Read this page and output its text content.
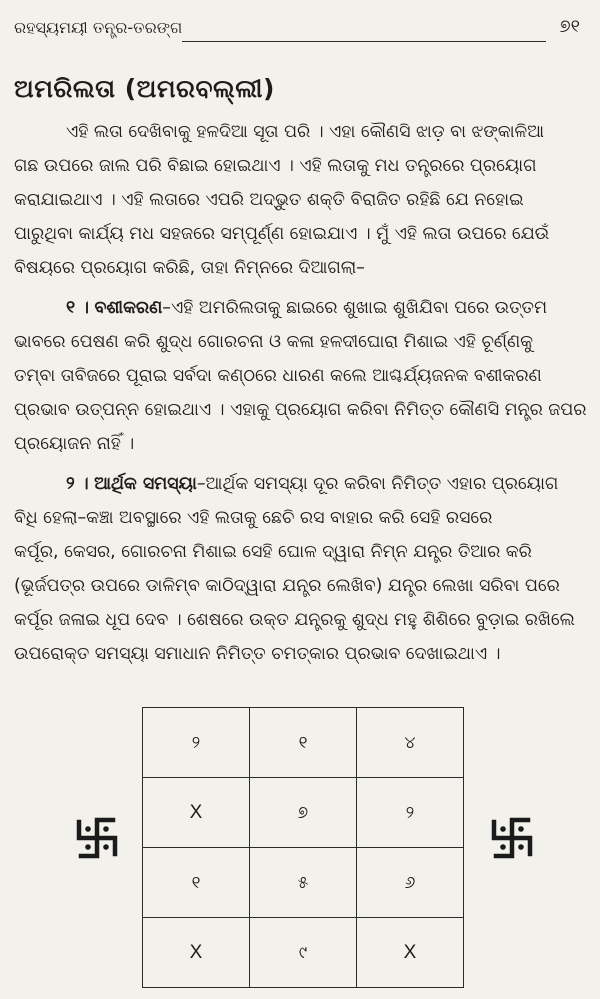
ରହସ୍ୟମୟୀ ତନ୍ତ୍ର-ତରଙ୍ଗ	୭୧
ଅମରିଲତା (ଅମରବଲ୍ଲୀ)
ଏହି ଲତା ଦେଖିବାକୁ ହଳଦିଆ ସୂତା ପରି । ଏହା କୌଣସି ଝାଡ଼ ବା ଝଙ୍କାଳିଆ
ଗଛ ଉପରେ ଜାଲ ପରି ବିଛାଇ ହୋଇଥାଏ । ଏହି ଲତାକୁ ମଧ ତନ୍ତ୍ରରେ ପ୍ରୟୋଗ
କରାଯାଇଥାଏ । ଏହି ଲତାରେ ଏପରି ଅଦ୍ଭୁତ ଶକ୍ତି ବିରାଜିତ ରହିଛି ଯେ ନହୋଇ
ପାରୁଥିବା କାର୍ଯ୍ୟ ମଧ ସହଜରେ ସମ୍ପୂର୍ଣ୍ଣ ହୋଇଯାଏ । ମୁଁ ଏହି ଲତା ଉପରେ ଯେଉଁ
ବିଷୟରେ ପ୍ରୟୋଗ କରିଛି, ତାହା ନିମ୍ନରେ ଦିଆଗଲା–
୧ । ବଶୀକରଣ–ଏହି ଅମରିଲତାକୁ ଛାଇରେ ଶୁଖାଇ ଶୁଖିଯିବା ପରେ ଉତ୍ତମ
ଭାବରେ ପେଷଣ କରି ଶୁଦ୍ଧ ଗୋରଚନା ଓ କଳା ହଳଦୀଘୋରା ମିଶାଇ ଏହି ଚୂର୍ଣ୍ଣକୁ
ତମ୍ବା ତାବିଜରେ ପୂରାଇ ସର୍ବଦା କଣ୍ଠରେ ଧାରଣ କଲେ ଆଶ୍ଚର୍ଯ୍ୟଜନକ ବଶୀକରଣ
ପ୍ରଭାବ ଉତ୍ପନ୍ନ ହୋଇଥାଏ । ଏହାକୁ ପ୍ରୟୋଗ କରିବା ନିମିତ୍ତ କୌଣସି ମନ୍ତ୍ର ଜପର
ପ୍ରୟୋଜନ ନାହିଁ ।
୨ । ଆର୍ଥିକ ସମସ୍ୟା–ଆର୍ଥିକ ସମସ୍ୟା ଦୂର କରିବା ନିମିତ୍ତ ଏହାର ପ୍ରୟୋଗ
ବିଧି ହେଲା–କଞ୍ଚା ଅବସ୍ଥାରେ ଏହି ଲତାକୁ ଛେଚି ରସ ବାହାର କରି ସେହି ରସରେ
କର୍ପୂର, କେସର, ଗୋରଚନା ମିଶାଇ ସେହି ଘୋଳ ଦ୍ୱାରା ନିମ୍ନ ଯନ୍ତ୍ର ତିଆର କରି
(ଭୂର୍ଜପତ୍ର ଉପରେ ଡାଳିମ୍ବ କାଠିଦ୍ୱାରା ଯନ୍ତ୍ର ଲେଖିବ) ଯନ୍ତ୍ର ଲେଖା ସରିବା ପରେ
କର୍ପୂର ଜଳାଇ ଧୂପ ଦେବ । ଶେଷରେ ଉକ୍ତ ଯନ୍ତ୍ରକୁ ଶୁଦ୍ଧ ମହୁ ଶିଶିରେ ବୁଡ଼ାଇ ରଖିଲେ
ଉପରୋକ୍ତ ସମସ୍ୟା ସମାଧାନ ନିମିତ୍ତ ଚମତ୍କାର ପ୍ରଭାବ ଦେଖାଇଥାଏ ।
୨	୧	୪
X	୭	୨
୧	୫	୬
X	୯	X
